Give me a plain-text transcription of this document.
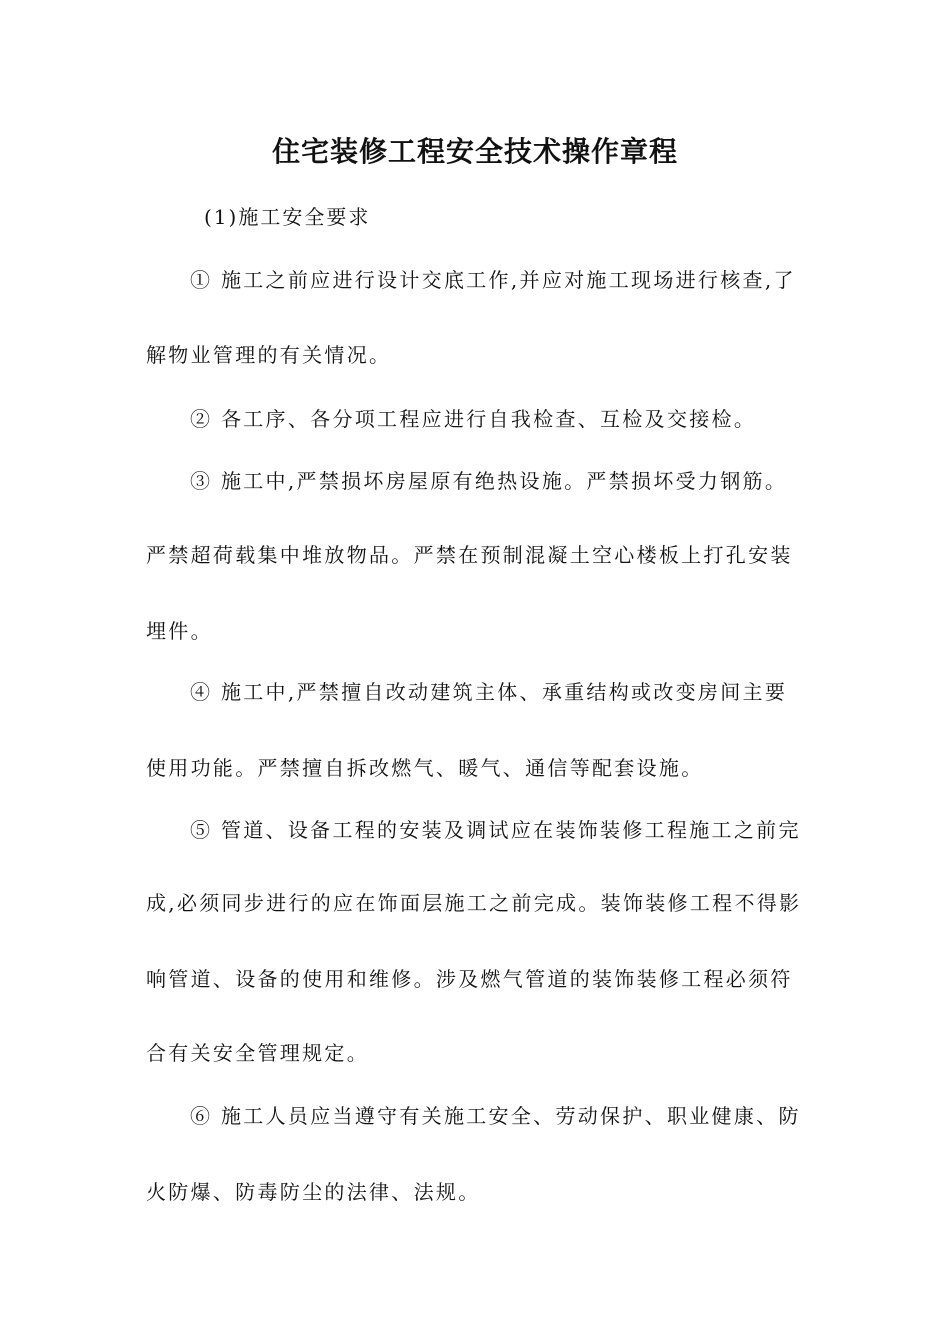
住宅装修工程安全技术操作章程
(1)施工安全要求
① 施工之前应进行设计交底工作,并应对施工现场进行核查,了
解物业管理的有关情况。
② 各工序、各分项工程应进行自我检查、互检及交接检。
③ 施工中,严禁损坏房屋原有绝热设施。严禁损坏受力钢筋。
严禁超荷载集中堆放物品。严禁在预制混凝土空心楼板上打孔安装
埋件。
④ 施工中,严禁擅自改动建筑主体、承重结构或改变房间主要
使用功能。严禁擅自拆改燃气、暖气、通信等配套设施。
⑤ 管道、设备工程的安装及调试应在装饰装修工程施工之前完
成,必须同步进行的应在饰面层施工之前完成。装饰装修工程不得影
响管道、设备的使用和维修。涉及燃气管道的装饰装修工程必须符
合有关安全管理规定。
⑥ 施工人员应当遵守有关施工安全、劳动保护、职业健康、防
火防爆、防毒防尘的法律、法规。
